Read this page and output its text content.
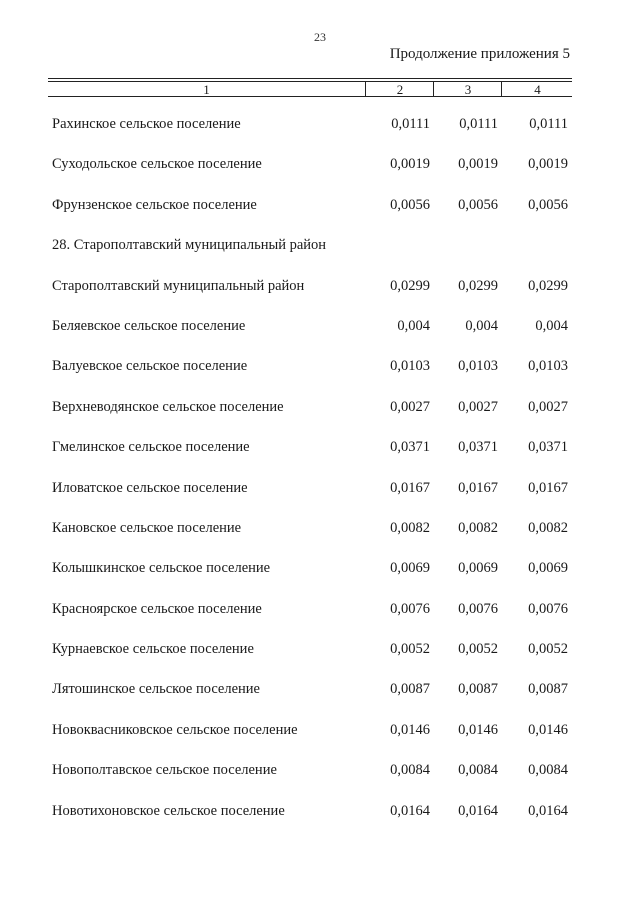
23
Продолжение приложения 5
1	2	3	4
Рахинское сельское поселение	0,0111	0,0111	0,0111
Суходольское сельское поселение	0,0019	0,0019	0,0019
Фрунзенское сельское поселение	0,0056	0,0056	0,0056
28. Старополтавский муниципальный район
Старополтавский муниципальный район	0,0299	0,0299	0,0299
Беляевское сельское поселение	0,004	0,004	0,004
Валуевское сельское поселение	0,0103	0,0103	0,0103
Верхневодянское сельское поселение	0,0027	0,0027	0,0027
Гмелинское сельское поселение	0,0371	0,0371	0,0371
Иловатское сельское поселение	0,0167	0,0167	0,0167
Кановское сельское поселение	0,0082	0,0082	0,0082
Колышкинское сельское поселение	0,0069	0,0069	0,0069
Красноярское сельское поселение	0,0076	0,0076	0,0076
Курнаевское сельское поселение	0,0052	0,0052	0,0052
Лятошинское сельское поселение	0,0087	0,0087	0,0087
Новоквасниковское сельское поселение	0,0146	0,0146	0,0146
Новополтавское сельское поселение	0,0084	0,0084	0,0084
Новотихоновское сельское поселение	0,0164	0,0164	0,0164
